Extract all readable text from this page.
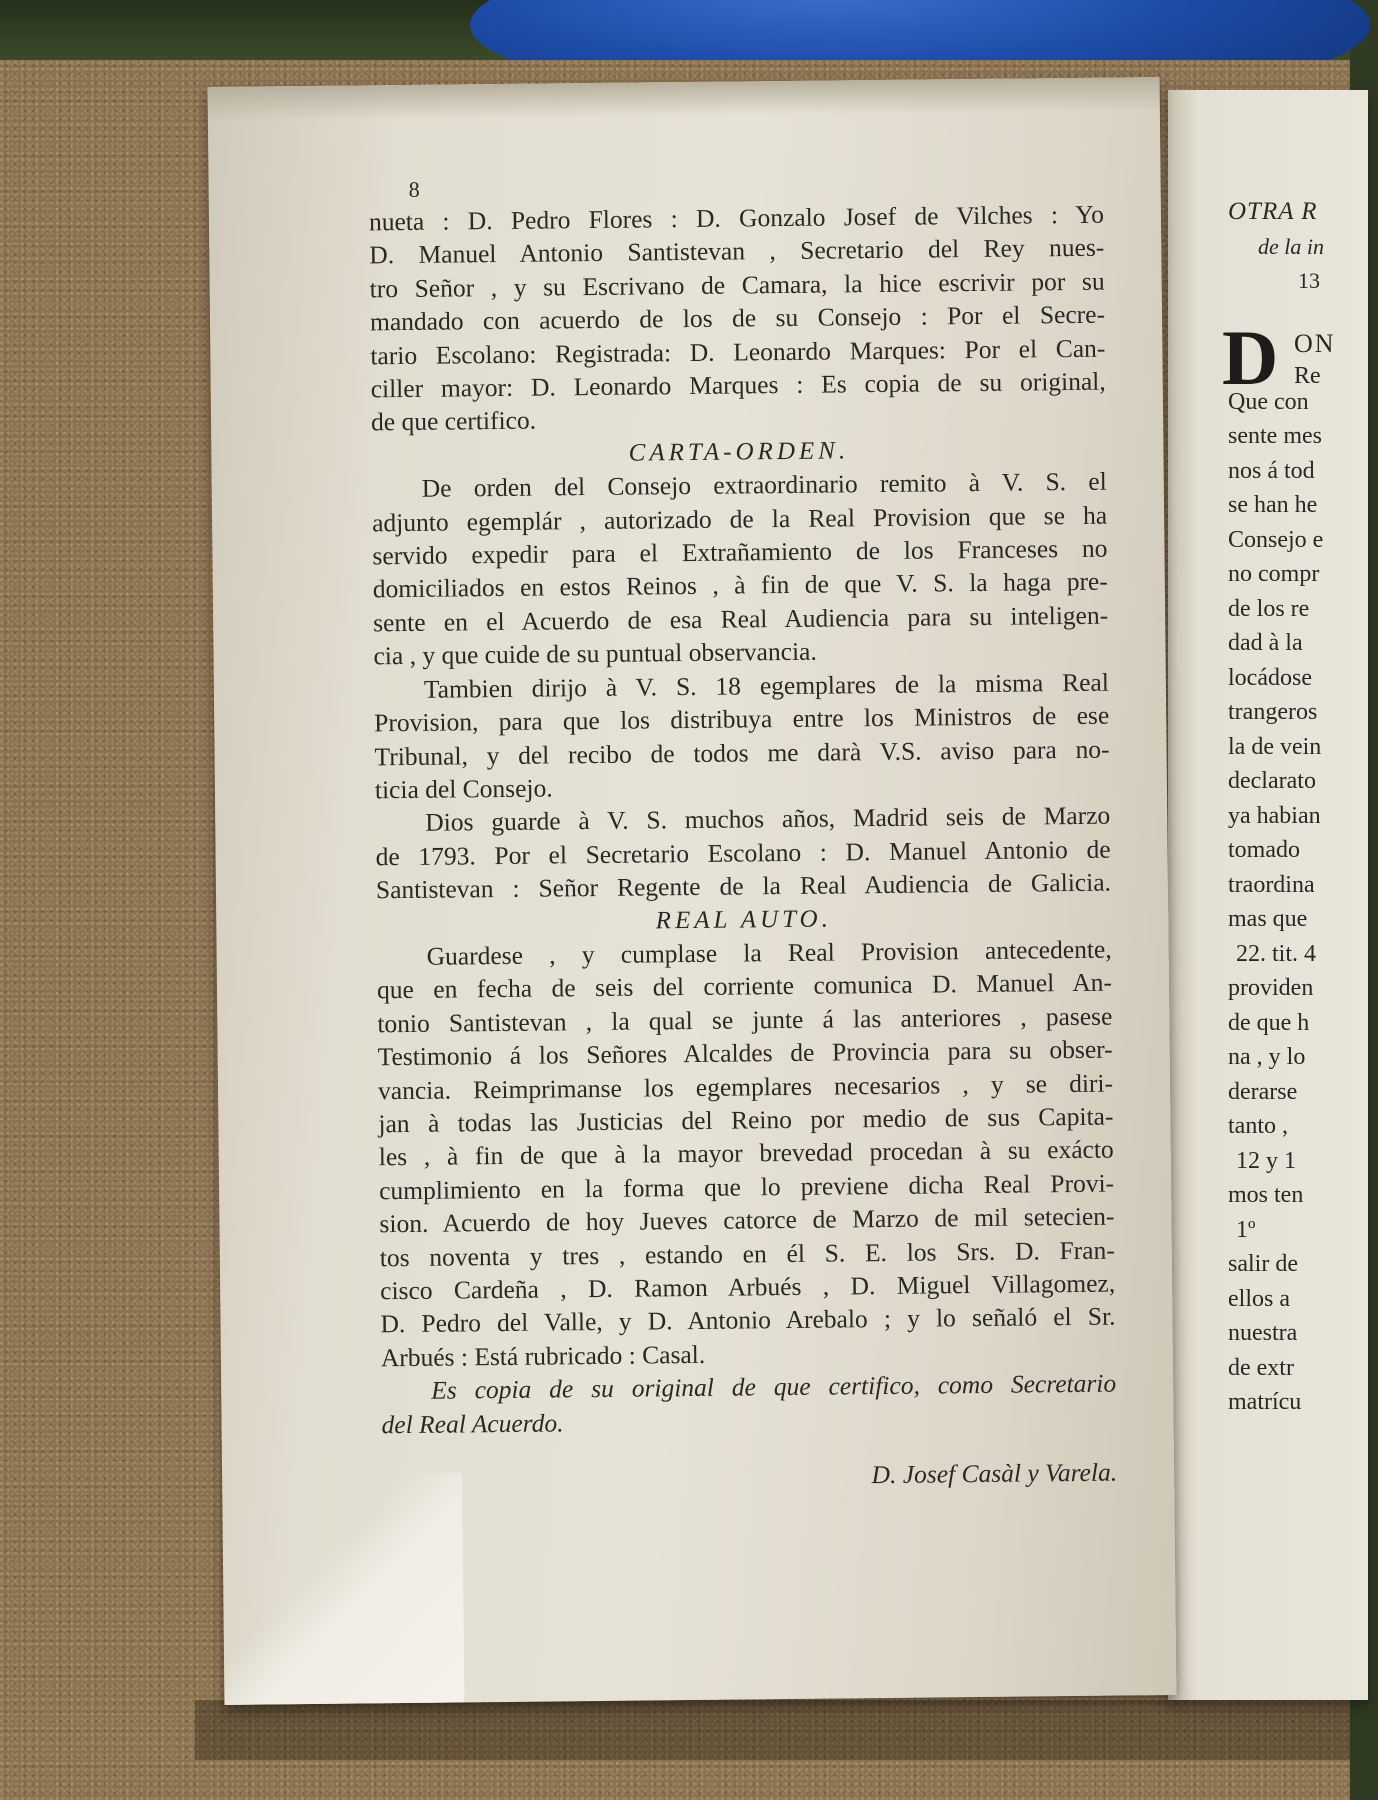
OTRA R
de la in
13
D ON
Re
Que con
sente mes
nos á tod
se han he
Consejo e
no compr
de los re
dad à la
locádose
trangeros
la de vein
declarato
ya habian
tomado
traordina
mas que
22. tit. 4
providen
de que h
na , y lo
derarse
tanto ,
12 y 1
mos ten
1º
salir de
ellos a
nuestra
de extr
matrícu
8
nueta : D. Pedro Flores : D. Gonzalo Josef de Vilches : Yo
D. Manuel Antonio Santistevan , Secretario del Rey nues-
tro Señor , y su Escrivano de Camara, la hice escrivir por su
mandado con acuerdo de los de su Consejo : Por el Secre-
tario Escolano: Registrada: D. Leonardo Marques: Por el Can-
ciller mayor: D. Leonardo Marques : Es copia de su original,
de que certifico.
CARTA-ORDEN.
De orden del Consejo extraordinario remito à V. S. el
adjunto egemplár , autorizado de la Real Provision que se ha
servido expedir para el Extrañamiento de los Franceses no
domiciliados en estos Reinos , à fin de que V. S. la haga pre-
sente en el Acuerdo de esa Real Audiencia para su inteligen-
cia , y que cuide de su puntual observancia.
Tambien dirijo à V. S. 18 egemplares de la misma Real
Provision, para que los distribuya entre los Ministros de ese
Tribunal, y del recibo de todos me darà V.S. aviso para no-
ticia del Consejo.
Dios guarde à V. S. muchos años, Madrid seis de Marzo
de 1793. Por el Secretario Escolano : D. Manuel Antonio de
Santistevan : Señor Regente de la Real Audiencia de Galicia.
REAL AUTO.
Guardese , y cumplase la Real Provision antecedente,
que en fecha de seis del corriente comunica D. Manuel An-
tonio Santistevan , la qual se junte á las anteriores , pasese
Testimonio á los Señores Alcaldes de Provincia para su obser-
vancia. Reimprimanse los egemplares necesarios , y se diri-
jan à todas las Justicias del Reino por medio de sus Capita-
les , à fin de que à la mayor brevedad procedan à su exácto
cumplimiento en la forma que lo previene dicha Real Provi-
sion. Acuerdo de hoy Jueves catorce de Marzo de mil setecien-
tos noventa y tres , estando en él S. E. los Srs. D. Fran-
cisco Cardeña , D. Ramon Arbués , D. Miguel Villagomez,
D. Pedro del Valle, y D. Antonio Arebalo ; y lo señaló el Sr.
Arbués : Está rubricado : Casal.
Es copia de su original de que certifico, como Secretario
del Real Acuerdo.
D. Josef Casàl y Varela.
